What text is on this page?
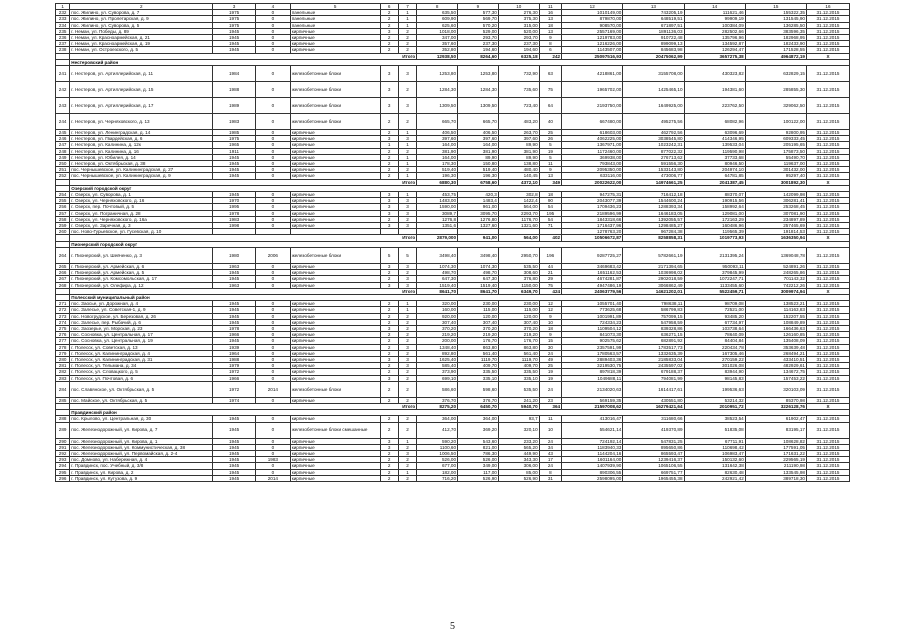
1	2	3	4	5	6	7	8	9	10	11	12	13	14	15	16
232	пос. Жилино, ул. Суворова, д. 7	1975	0	панельные	2	1	635,50	577,30	276,30	16	1010149,00	743205,19	111621,46	155322,35	31.12.2015
233	пос. Жилино, ул. Пролетарская, д. 9	1975	0	панельные	2	1	609,90	569,70	375,30	13	879870,00	648519,51	99909,19	131545,90	31.12.2015
234	пос. Жилино, ул. Суворова, д. 5	1975	0	панельные	2	1	625,60	570,20	315,00	18	908570,00	671897,51	100384,09	136285,50	31.12.2015
235	г. Неман, ул. Победы, д. 89	1945	0	кирпичные	3	2	1018,00	529,00	520,00	13	2557169,00	1891136,03	282502,66	383596,35	31.12.2015
236	г. Неман, ул. Красноармейская, д. 21	1945	0	кирпичные	2	2	347,00	293,70	293,70	9	1219783,00	910722,48	135796,96	182968,95	31.12.2015
237	г. Неман, ул. Красноармейская, д. 19	1945	0	кирпичные	2	2	357,60	237,30	237,30	8	1216226,00	899099,13	134592,87	182433,90	31.12.2015
238	г. Неман, ул. Остроезского, д. 5	1945	0	кирпичные	2	2	352,80	194,60	194,60	6	1143507,00	845683,98	126294,47	171528,55	31.12.2015
	Итого						12938,50	8264,60	6325,18	242	25097516,93	20475062,99	3657275,38	4964872,19	X
	Нестеровский район														
241	г. Нестеров, ул. Артиллерийская, д. 11	1984	0	железобетонные блоки	3	3	1253,80	1253,80	732,90	63	4218861,00	3155708,00	430323,82	632829,15	31.12.2015
242	г. Нестеров, ул. Артиллерийская, д. 15	1988	0	железобетонные блоки	3	2	1284,30	1284,30	735,60	75	1965702,00	1425465,10	194381,60	285855,30	31.12.2015
243	г. Нестеров, ул. Артиллерийская, д. 17	1989	0	железобетонные блоки	3	3	1309,50	1309,50	723,40	64	2193750,00	1649925,00	223762,50	329062,50	31.12.2015
244	г. Нестеров, ул. Черняховского, д. 13	1983	0	железобетонные блоки	2	2	665,70	665,70	483,20	40	667480,00	495275,56	68082,96	100122,00	31.12.2015
245	г. Нестеров, ул. Ленинградская, д. 14	1985	0	кирпичные	2	1	406,50	406,50	263,70	25	618603,00	462792,56	63096,69	92800,95	31.12.2015
246	г. Нестеров, ул. Гвардейская, д. 6	1975	0	кирпичные	3	3	397,60	397,60	397,60	26	4062225,00	3038545,80	414346,95	609333,45	31.12.2015
247	г. Нестеров, ул. Калинина, д. 12к	1965	0	кирпичные	1	1	164,00	164,00	89,90	5	1367971,00	1023242,31	139533,04	205195,65	31.12.2015
248	г. Нестеров, ул. Калинина, д. 16	1911	0	кирпичные	2	2	381,90	381,90	381,90	19	1172460,00	877022,32	119590,98	175873,50	31.12.2015
249	г. Нестеров, ул. Юбилея, д. 14	1945	0	кирпичные	2	1	164,00	89,90	89,90	5	369938,00	276713,62	37733,68	55490,70	31.12.2015
250	г. Нестеров, ул. Октябрьская, д. 38	1945	0	кирпичные	2	1	178,30	150,80	138,80	11	793843,00	591556,30	80946,50	119637,00	31.12.2015
251	пос. Чернышевское, ул. Калининградская, д. 27	1945	0	кирпичные	2	2	519,40	519,40	480,40	9	2095350,00	1533143,80	204974,10	301432,00	31.12.2015
252	пос. Чернышевское, ул. Калининградская, д. 9	1945	0	кирпичные	2	1	196,30	196,30	140,45	13	633116,00	473006,77	64781,85	95297,40	31.12.2015
	Итого						6880,30	6758,60	4372,10	349	20022622,00	14974661,25	2041387,45	3001892,30	X
	Озерский городской округ														
254	г. Озерск, ул. Суворова, д. 1	1945	0	кирпичные	3	1	453,75	420,3	302,8	18	947275,31	716412,18	88370,07	142099,98	31.12.2015
255	г. Озерск, ул. Черняховского, д. 16	1970	0	кирпичные	3	3	1483,00	1483,4	1422,4	90	2043077,39	1544600,24	190915,56	306281,41	31.12.2015
256	г. Озерск, пер. Почтовый, д. 5	1995	0	кирпичные	3	3	1590,00	961,00	564,00	54	1709436,23	1288393,34	158992,64	253268,45	31.12.2015
257	г. Озерск, ул. Пограничная, д. 28	1978	0	кирпичные	3	3	3089,7	3095,70	2293,70	195	2189596,99	1646183,05	129081,00	307081,90	31.12.2015
258	г. Озерск, ул. Черняховского, д. 16а	1983	0	кирпичные	2	2	1276,8	1276,80	1176,70	54	1843318,66	1392055,57	172163,29	234897,89	31.12.2015
259	г. Озерск, ул. Заречная, д. 3	1998	0	кирпичные	3	3	1351,6	1327,60	1321,60	71	1716437,96	1298485,27	160486,96	257465,69	31.12.2015
260	пос. Ново-Гурьевское, ул. Гусевская, д. 10										1278763,20	967284,38	119565,39	191814,53	31.12.2015
	Итого						2879,000	941,00	564,00	402	10506672,87	8258858,31	1019773,93	1636350,94	X
	Пионерский городской округ														
264	г. Пионерский, ул. Шевченко, д. 3	1980	2006	железобетонные блоки	5	5	3498,40	3498,40	2950,70	196	9287725,27	5782661,19	2131395,24	1369048,78	31.12.2015
265	г. Пионерский, ул. Армейская, д. 6	1963	0	кирпичные	3	3	1074,30	1074,30	535,50	44	3469683,42	2171394,65	950093,11	524891,26	31.12.2015
266	г. Пионерский, ул. Армейская, д. 5	1945	0	кирпичные	2	2	498,70	498,70	308,60	21	1651162,53	1036998,02	379845,99	248265,86	31.12.2015
267	г. Пионерский, ул. Комсомольская, д. 17	1945	0	кирпичные	2	3	647,30	647,30	376,80	29	4674281,87	2902018,59	1072247,71	701143,32	31.12.2015
268	г. Пионерский, ул. Олефира, д. 12	1963	0	кирпичные	3	3	1519,40	1519,40	1150,00	75	4947486,19	3066862,49	1133455,60	742212,26	31.12.2015
	Итого						8641,70	8641,70	6349,70	424	24063779,56	14621202,01	5522459,71	3009974,94	X
	Полесский муниципальный район														
271	пос. Заосье, ул. Дорожная, д. 4	1945	0	кирпичные	2	1	320,00	230,00	230,00	12	1055701,40	798638,11	98709,08	138523,21	31.12.2015
272	пос. Залесье, ул. Советская-1, д. 9	1945	0	кирпичные	2	1	160,00	115,00	115,00	12	773625,68	586799,83	72521,00	114163,83	31.12.2015
273	пос. Новогрудское, ул. Березовая, д. 26	1945	0	кирпичные	2	2	920,00	120,00	120,00	9	1001991,89	757099,15	93485,20	152207,55	31.12.2015
274	пос. Залесье, пер. Рыбачий, д. 6	1945	0	кирпичные	2	2	307,40	307,40	307,40	10	724334,23	547958,59	67734,97	108849,89	31.12.2015
275	пос. Заозерье, ул. Морская, д. 23	1978	0	кирпичные	3	2	370,20	370,20	370,20	18	1109504,12	839328,86	103738,64	166436,63	31.12.2015
276	пос. Сосновка, ул. Центральная, д. 17	1966	0	кирпичные	2	2	219,20	219,20	219,20	9	841073,30	636271,15	78640,09	126160,85	31.12.2015
277	пос. Сосновка, ул. Центральная, д. 19	1945	0	кирпичные	2	2	200,00	176,70	176,70	15	902575,62	682891,92	84404,84	135408,09	31.12.2015
278	г. Полесск, ул. Советская, д. 13	1939	0	кирпичные	2	3	1348,40	863,80	863,80	30	2357591,99	1783517,73	220434,78	353639,48	31.12.2015
279	г. Полесск, ул. Калининградская, д. 4	1964	0	кирпичные	2	2	892,80	561,40	561,40	24	1780563,57	1332635,39	167305,46	268494,21	31.12.2015
280	г. Полесск, ул. Калининградская, д. 31	1988	0	кирпичные	3	3	1625,40	1119,70	1119,70	49	2889403,36	2185833,04	270159,22	433410,51	31.12.2015
281	г. Полесск, ул. Тельмана, д. 34	1979	0	кирпичные	2	3	585,40	409,70	409,70	25	3219530,75	2435597,02	301026,08	482929,61	31.12.2015
282	г. Полесск, ул. Словацкого, д. 5	1972	0	кирпичные	2	2	373,90	335,50	335,50	19	897818,39	679188,37	83944,90	134672,75	31.12.2015
283	г. Полесск, ул. Почтовая, д. 6	1966	0	кирпичные	3	2	699,10	335,10	335,10	19	1049688,11	794081,99	98145,83	157453,22	31.12.2015
284	пос. Славянское, ул. Октябрьская, д. 5	1972	2014	железобетонные блоки	2	2	586,60	598,60	535,50	24	2134020,63	1614417,61	199536,63	320103,09	31.12.2015
285	пос. Майское, ул. Октябрьская, д. 5	1974	0	кирпичные	2	2	376,70	376,70	241,20	23	569159,35	430551,80	53214,32	85370,98	31.12.2015
	Итого						8275,20	6450,70	5940,70	364	21597008,62	16279421,64	2010951,72	3226128,76	X
	Правдинский район														
288	пос. Крылово, ул. Центральная, д. 30	1945	0	кирпичные	2	2	364,00	364,00	93,7	11	413016,47	311680,66	38523,54	61902,47	31.12.2015
289	пос. Железнодорожный, ул. Кирова, д. 7	1945	0	железобетонные блоки смешанные	2	2	412,70	369,20	320,10	10	554621,14	419370,89	51835,08	83195,17	31.12.2015
290	пос. Железнодорожный, ул. Кирова, д. 1	1945	0	кирпичные	3	1	590,20	543,60	233,20	24	724192,14	547831,25	67711,91	108628,82	31.12.2015
291	пос. Железнодорожный, ул. Коммунистическая, д. 38	1945	0	кирпичные	3	2	1100,60	821,00	565,20	34	1183940,33	895650,86	110698,42	177591,05	31.12.2015
292	пос. Железнодорожный, ул. Первомайская, д. 2-4	1945	0	кирпичные	2	3	1006,50	786,30	449,90	43	1144204,16	865593,47	106983,47	171631,22	31.12.2015
293	пос. Домново, ул. Набережная, д. 4	1945	1983	кирпичные	2	2	526,00	526,00	343,30	17	1601164,00	1239416,37	150132,60	229565,19	31.12.2015
294	г. Правдинск, пос. Учебный, д. 3/8	1945	0	кирпичные	2	2	677,00	349,00	306,00	24	1407939,90	1065106,55	131642,38	211190,98	31.12.2015
295	г. Правдинск, ул. Кирова, д. 2	1945	0	кирпичные	2	1	182,00	117,00	85,00	8	890306,55	669751,77	82630,48	133545,98	31.12.2015
296	г. Правдинск, ул. Кутузова, д. 9	1945	2014	кирпичные	2	2	716,20	526,90	526,90	31	2598095,00	1965455,38	242921,42	389718,30	31.12.2015
5
